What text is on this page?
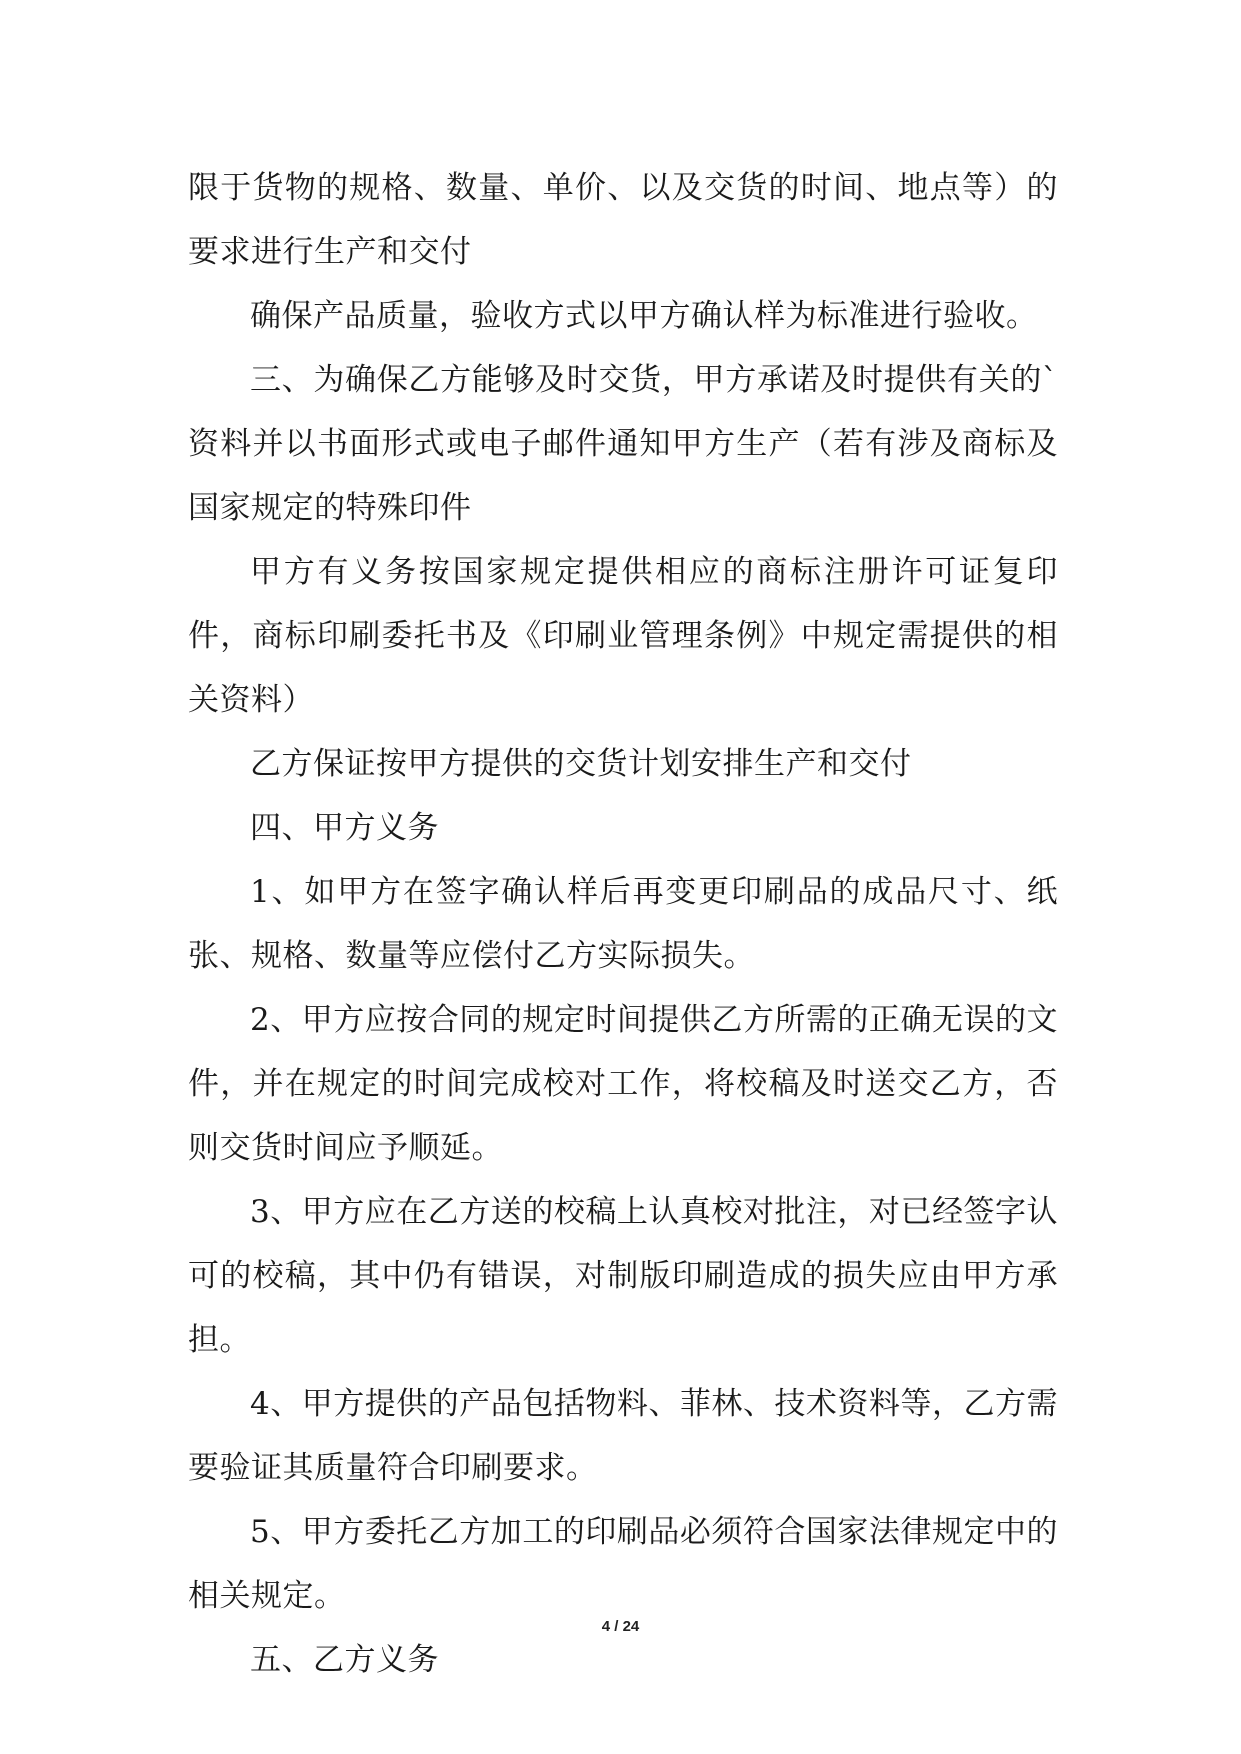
限于货物的规格、数量、单价、以及交货的时间、地点等）的要求进行生产和交付

确保产品质量，验收方式以甲方确认样为标准进行验收。

三、为确保乙方能够及时交货，甲方承诺及时提供有关的`资料并以书面形式或电子邮件通知甲方生产（若有涉及商标及国家规定的特殊印件

甲方有义务按国家规定提供相应的商标注册许可证复印件，商标印刷委托书及《印刷业管理条例》中规定需提供的相关资料）

乙方保证按甲方提供的交货计划安排生产和交付

四、甲方义务

1、如甲方在签字确认样后再变更印刷品的成品尺寸、纸张、规格、数量等应偿付乙方实际损失。

2、甲方应按合同的规定时间提供乙方所需的正确无误的文件，并在规定的时间完成校对工作，将校稿及时送交乙方，否则交货时间应予顺延。

3、甲方应在乙方送的校稿上认真校对批注，对已经签字认可的校稿，其中仍有错误，对制版印刷造成的损失应由甲方承担。

4、甲方提供的产品包括物料、菲林、技术资料等，乙方需要验证其质量符合印刷要求。

5、甲方委托乙方加工的印刷品必须符合国家法律规定中的相关规定。

五、乙方义务

4 / 24
